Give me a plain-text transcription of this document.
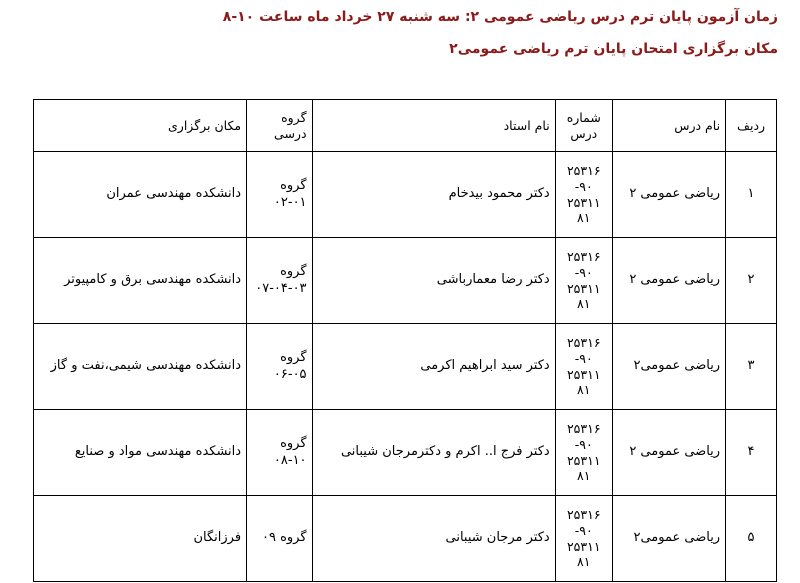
زمان آزمون پایان ترم درس ریاضی عمومی ۲: سه شنبه ۲۷ خرداد ماه ساعت ۱۰-۸
مکان برگزاری امتحان پایان ترم ریاضی عمومی۲
ردیف	نام درس	شماره درس	نام استاد	گروه درسی	مکان برگزاری
۱	ریاضی عمومی ۲	۲۵۳۱۶
۹۰-
۲۵۳۱۱
۸۱	دکتر محمود بیدخام	گروه ۰۱-۰۲	دانشکده مهندسی عمران
۲	ریاضی عمومی ۲	۲۵۳۱۶
۹۰-
۲۵۳۱۱
۸۱	دکتر رضا معمارباشی	گروه ۰۳-۰۴-۰۷	دانشکده مهندسی برق و کامپیوتر
۳	ریاضی عمومی۲	۲۵۳۱۶
۹۰-
۲۵۳۱۱
۸۱	دکتر سید ابراهیم اکرمی	گروه ۰۵-۰۶	دانشکده مهندسی شیمی،نفت و گاز
۴	ریاضی عمومی ۲	۲۵۳۱۶
۹۰-
۲۵۳۱۱
۸۱	دکتر فرج ا.. اکرم و دکترمرجان شیبانی	گروه ۱۰-۰۸	دانشکده مهندسی مواد و صنایع
۵	ریاضی عمومی۲	۲۵۳۱۶
۹۰-
۲۵۳۱۱
۸۱	دکتر مرجان شیبانی	گروه ۰۹	فرزانگان
